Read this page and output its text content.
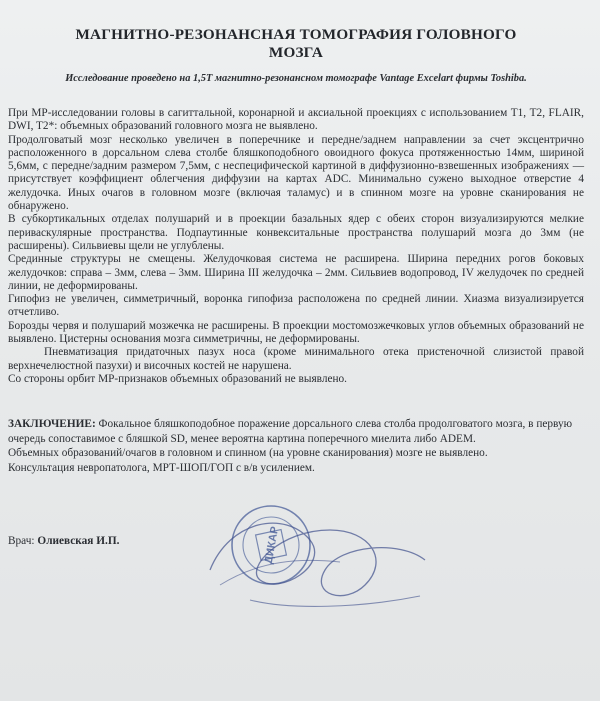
МАГНИТНО-РЕЗОНАНСНАЯ ТОМОГРАФИЯ ГОЛОВНОГО
МОЗГА
Исследование проведено на 1,5Т магнитно-резонансном томографе Vantage Excelart фирмы Toshiba.

При МР-исследовании головы в сагиттальной, коронарной и аксиальной проекциях с использованием Т1, Т2, FLAIR, DWI, T2*: объемных образований головного мозга не выявлено.

Продолговатый мозг несколько увеличен в поперечнике и передне/заднем направлении за счет эксцентрично расположенного в дорсальном слева столбе бляшкоподобного овоидного фокуса протяженностью 14мм, шириной 5,6мм, с передне/задним размером 7,5мм, с неспецифической картиной в диффузионно-взвешенных изображениях — присутствует коэффициент облегчения диффузии на картах ADC. Минимально сужено выходное отверстие 4 желудочка. Иных очагов в головном мозге (включая таламус) и в спинном мозге на уровне сканирования не обнаружено.

В субкортикальных отделах полушарий и в проекции базальных ядер с обеих сторон визуализируются мелкие периваскулярные пространства. Подпаутинные конвекситальные пространства полушарий мозга до 3мм (не расширены). Сильвиевы щели не углублены.

Срединные структуры не смещены. Желудочковая система не расширена. Ширина передних рогов боковых желудочков: справа – 3мм, слева – 3мм. Ширина III желудочка – 2мм. Сильвиев водопровод, IV желудочек по средней линии, не деформированы.

Гипофиз не увеличен, симметричный, воронка гипофиза расположена по средней линии. Хиазма визуализируется отчетливо.

Борозды червя и полушарий мозжечка не расширены. В проекции мостомозжечковых углов объемных образований не выявлено. Цистерны основания мозга симметричны, не деформированы.

Пневматизация придаточных пазух носа (кроме минимального отека пристеночной слизистой правой верхнечелюстной пазухи) и височных костей не нарушена.

Со стороны орбит МР-признаков объемных образований не выявлено.

ЗАКЛЮЧЕНИЕ: Фокальное бляшкоподобное поражение дорсального слева столба продолговатого мозга, в первую очередь сопоставимое с бляшкой SD, менее вероятна картина поперечного миелита либо ADEM.

Объемных образований/очагов в головном и спинном (на уровне сканирования) мозге не выявлено.

Консультация невропатолога, МРТ-ШОП/ГОП с в/в усилением.

Врач: Олиевская И.П.	ДИКАР
